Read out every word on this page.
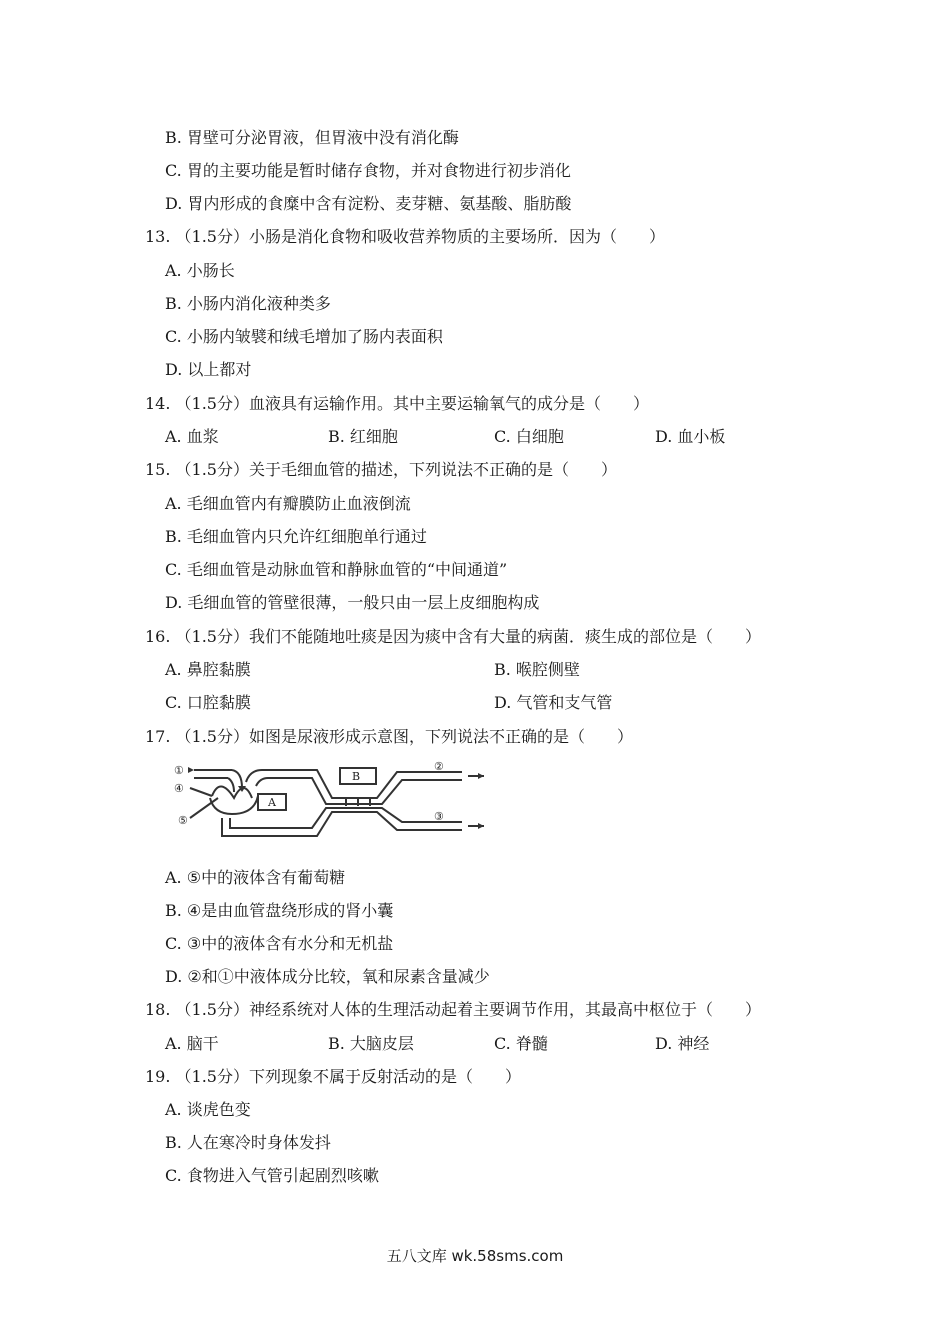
B. 胃壁可分泌胃液，但胃液中没有消化酶
C. 胃的主要功能是暂时储存食物，并对食物进行初步消化
D. 胃内形成的食糜中含有淀粉、麦芽糖、氨基酸、脂肪酸
13. （1.5分）小肠是消化食物和吸收营养物质的主要场所．因为（　　）
A. 小肠长
B. 小肠内消化液种类多
C. 小肠内皱襞和绒毛增加了肠内表面积
D. 以上都对
14. （1.5分）血液具有运输作用。其中主要运输氧气的成分是（　　）
A. 血浆	B. 红细胞	C. 白细胞	D. 血小板
15. （1.5分）关于毛细血管的描述，下列说法不正确的是（　　）
A. 毛细血管内有瓣膜防止血液倒流
B. 毛细血管内只允许红细胞单行通过
C. 毛细血管是动脉血管和静脉血管的“中间通道”
D. 毛细血管的管壁很薄，一般只由一层上皮细胞构成
16. （1.5分）我们不能随地吐痰是因为痰中含有大量的病菌．痰生成的部位是（　　）
A. 鼻腔黏膜	B. 喉腔侧壁
C. 口腔黏膜	D. 气管和支气管
17. （1.5分）如图是尿液形成示意图，下列说法不正确的是（　　）
A
B
①	②
③
④
⑤
A. ⑤中的液体含有葡萄糖
B. ④是由血管盘绕形成的肾小囊
C. ③中的液体含有水分和无机盐
D. ②和①中液体成分比较，氧和尿素含量减少
18. （1.5分）神经系统对人体的生理活动起着主要调节作用，其最高中枢位于（　　）
A. 脑干	B. 大脑皮层	C. 脊髓	D. 神经
19. （1.5分）下列现象不属于反射活动的是（　　）
A. 谈虎色变
B. 人在寒冷时身体发抖
C. 食物进入气管引起剧烈咳嗽
五八文库 wk.58sms.com
